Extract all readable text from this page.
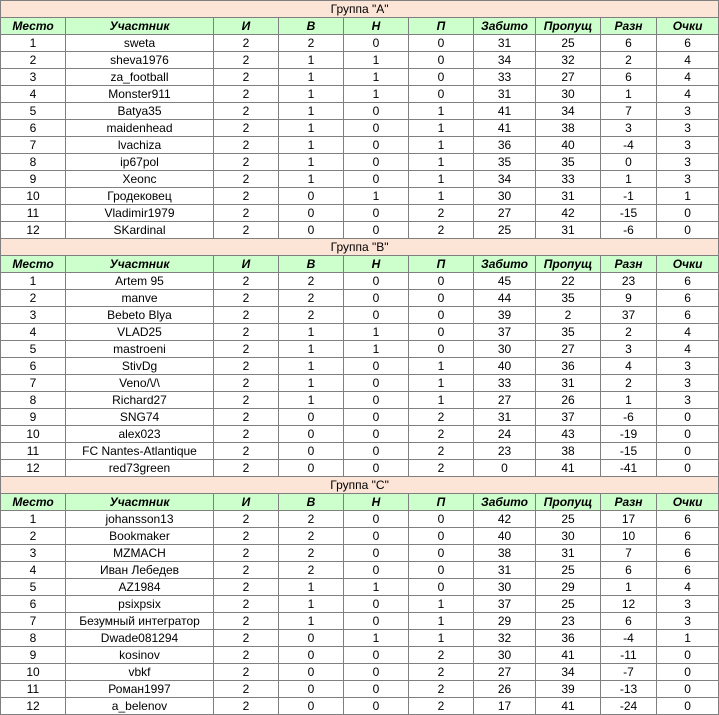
Группа "А"									
Место	Участник	И	В	Н	П	Забито	Пропущ	Разн	Очки
1	sweta	2	2	0	0	31	25	6	6
2	sheva1976	2	1	1	0	34	32	2	4
3	za_football	2	1	1	0	33	27	6	4
4	Monster911	2	1	1	0	31	30	1	4
5	Batya35	2	1	0	1	41	34	7	3
6	maidenhead	2	1	0	1	41	38	3	3
7	lvachiza	2	1	0	1	36	40	-4	3
8	ip67pol	2	1	0	1	35	35	0	3
9	Xeonc	2	1	0	1	34	33	1	3
10	Гродековец	2	0	1	1	30	31	-1	1
11	Vladimir1979	2	0	0	2	27	42	-15	0
12	SKardinal	2	0	0	2	25	31	-6	0
Группа "В"									
Место	Участник	И	В	Н	П	Забито	Пропущ	Разн	Очки
1	Artem 95	2	2	0	0	45	22	23	6
2	manve	2	2	0	0	44	35	9	6
3	Bebeto Blya	2	2	0	0	39	2	37	6
4	VLAD25	2	1	1	0	37	35	2	4
5	mastroeni	2	1	1	0	30	27	3	4
6	StivDg	2	1	0	1	40	36	4	3
7	Veno/\/\	2	1	0	1	33	31	2	3
8	Richard27	2	1	0	1	27	26	1	3
9	SNG74	2	0	0	2	31	37	-6	0
10	alex023	2	0	0	2	24	43	-19	0
11	FC Nantes-Atlantique	2	0	0	2	23	38	-15	0
12	red73green	2	0	0	2	0	41	-41	0
Группа "С"									
Место	Участник	И	В	Н	П	Забито	Пропущ	Разн	Очки
1	johansson13	2	2	0	0	42	25	17	6
2	Bookmaker	2	2	0	0	40	30	10	6
3	MZMACH	2	2	0	0	38	31	7	6
4	Иван Лебедев	2	2	0	0	31	25	6	6
5	AZ1984	2	1	1	0	30	29	1	4
6	psixpsix	2	1	0	1	37	25	12	3
7	Безумный интегратор	2	1	0	1	29	23	6	3
8	Dwade081294	2	0	1	1	32	36	-4	1
9	kosinov	2	0	0	2	30	41	-11	0
10	vbkf	2	0	0	2	27	34	-7	0
11	Роман1997	2	0	0	2	26	39	-13	0
12	a_belenov	2	0	0	2	17	41	-24	0
